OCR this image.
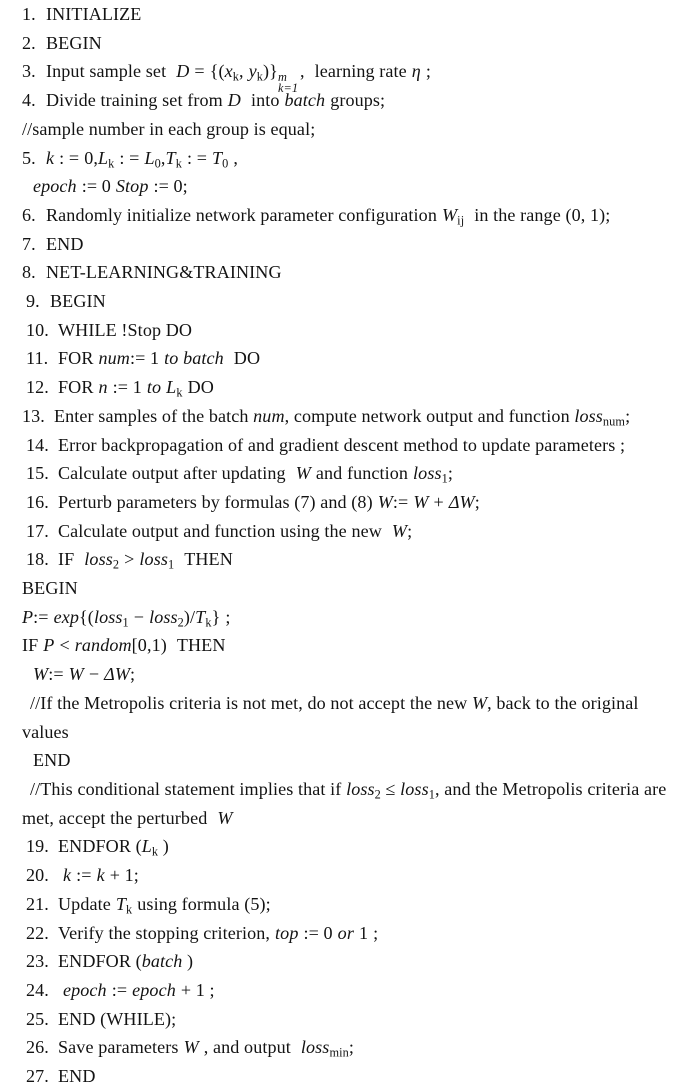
1. INITIALIZE
2. BEGIN
3. Input sample set $D = \{(x_k$, $y_k$)} m
k=1
, learning rate η ;
4. Divide training set from D into batch groups;
//sample number in each group is equal;
5. k : = $0,L_k$ : = $L_0,T_k$ : = $T_0$ ,
epoch := 0 Stop := 0;
6. Randomly initialize network parameter configuration $W_{ij}$ in the range (0, 1);
7. END
8. NET-LEARNING&TRAINING
9. BEGIN
10. WHILE !Stop DO
11. FOR num:= 1 to batch DO
12. FOR n := 1 to $L_k$ DO
13. Enter samples of the batch num, compute network output and function loss$_{num}$;
14. Error backpropagation of and gradient descent method to update parameters ;
15. Calculate output after updating W and function loss$_1$;
16. Perturb parameters by formulas (7) and (8) W:= W + ΔW;
17. Calculate output and function using the new W;
18. IF loss$_2$ > loss$_1$ THEN
BEGIN
P:= exp{(loss$_1$ − $loss_2)/T_k$} ;
IF P < random[0,1) THEN
W:= W − ΔW;
//If the Metropolis criteria is not met, do not accept the new W, back to the original values
END
//This conditional statement implies that if loss$_2$ ≤ loss$_1$, and the Metropolis criteria are met, accept the perturbed W
19. ENDFOR ($L_k$ )
20. k := k + 1;
21. Update $T_k$ using formula (5);
22. Verify the stopping criterion, top := 0 or 1 ;
23. ENDFOR (batch )
24. epoch := epoch + 1 ;
25. END (WHILE);
26. Save parameters W , and output loss$_{min}$;
27. END
